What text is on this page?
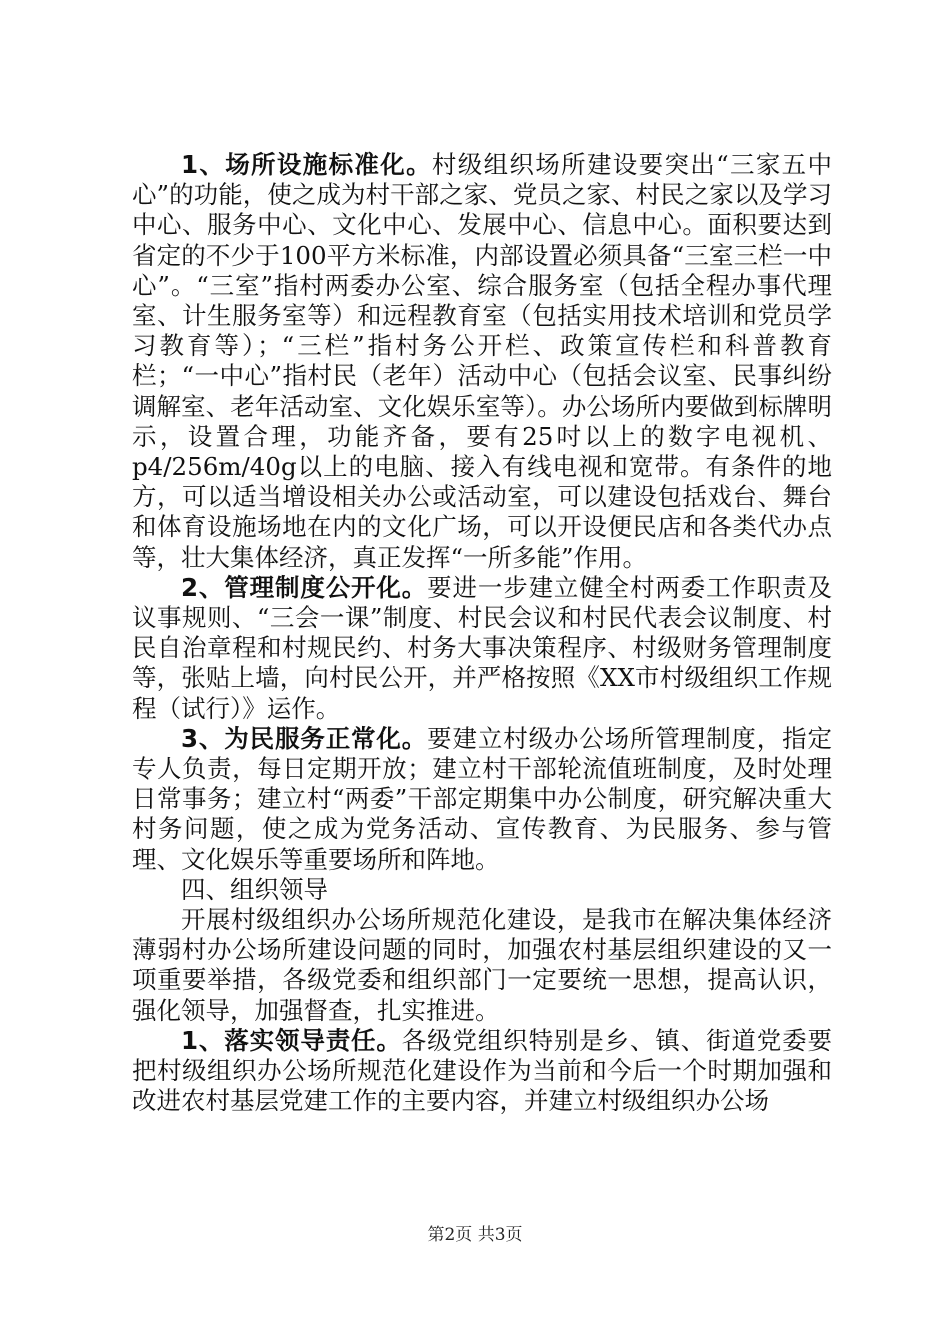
1、场所设施标准化。村级组织场所建设要突出“三家五中心”的功能，使之成为村干部之家、党员之家、村民之家以及学习中心、服务中心、文化中心、发展中心、信息中心。面积要达到省定的不少于100平方米标准，内部设置必须具备“三室三栏一中心”。“三室”指村两委办公室、综合服务室（包括全程办事代理室、计生服务室等）和远程教育室（包括实用技术培训和党员学习教育等）；“三栏”指村务公开栏、政策宣传栏和科普教育栏；“一中心”指村民（老年）活动中心（包括会议室、民事纠纷调解室、老年活动室、文化娱乐室等）。办公场所内要做到标牌明示，设置合理，功能齐备，要有25吋以上的数字电视机、p4/256m/40g以上的电脑、接入有线电视和宽带。有条件的地方，可以适当增设相关办公或活动室，可以建设包括戏台、舞台和体育设施场地在内的文化广场，可以开设便民店和各类代办点等，壮大集体经济，真正发挥“一所多能”作用。

2、管理制度公开化。要进一步建立健全村两委工作职责及议事规则、“三会一课”制度、村民会议和村民代表会议制度、村民自治章程和村规民约、村务大事决策程序、村级财务管理制度等，张贴上墙，向村民公开，并严格按照《XX市村级组织工作规程（试行）》运作。

3、为民服务正常化。要建立村级办公场所管理制度，指定专人负责，每日定期开放；建立村干部轮流值班制度，及时处理日常事务；建立村“两委”干部定期集中办公制度，研究解决重大村务问题，使之成为党务活动、宣传教育、为民服务、参与管理、文化娱乐等重要场所和阵地。

四、组织领导

开展村级组织办公场所规范化建设，是我市在解决集体经济薄弱村办公场所建设问题的同时，加强农村基层组织建设的又一项重要举措，各级党委和组织部门一定要统一思想，提高认识，强化领导，加强督查，扎实推进。

1、落实领导责任。各级党组织特别是乡、镇、街道党委要把村级组织办公场所规范化建设作为当前和今后一个时期加强和改进农村基层党建工作的主要内容，并建立村级组织办公场

第2页 共3页
